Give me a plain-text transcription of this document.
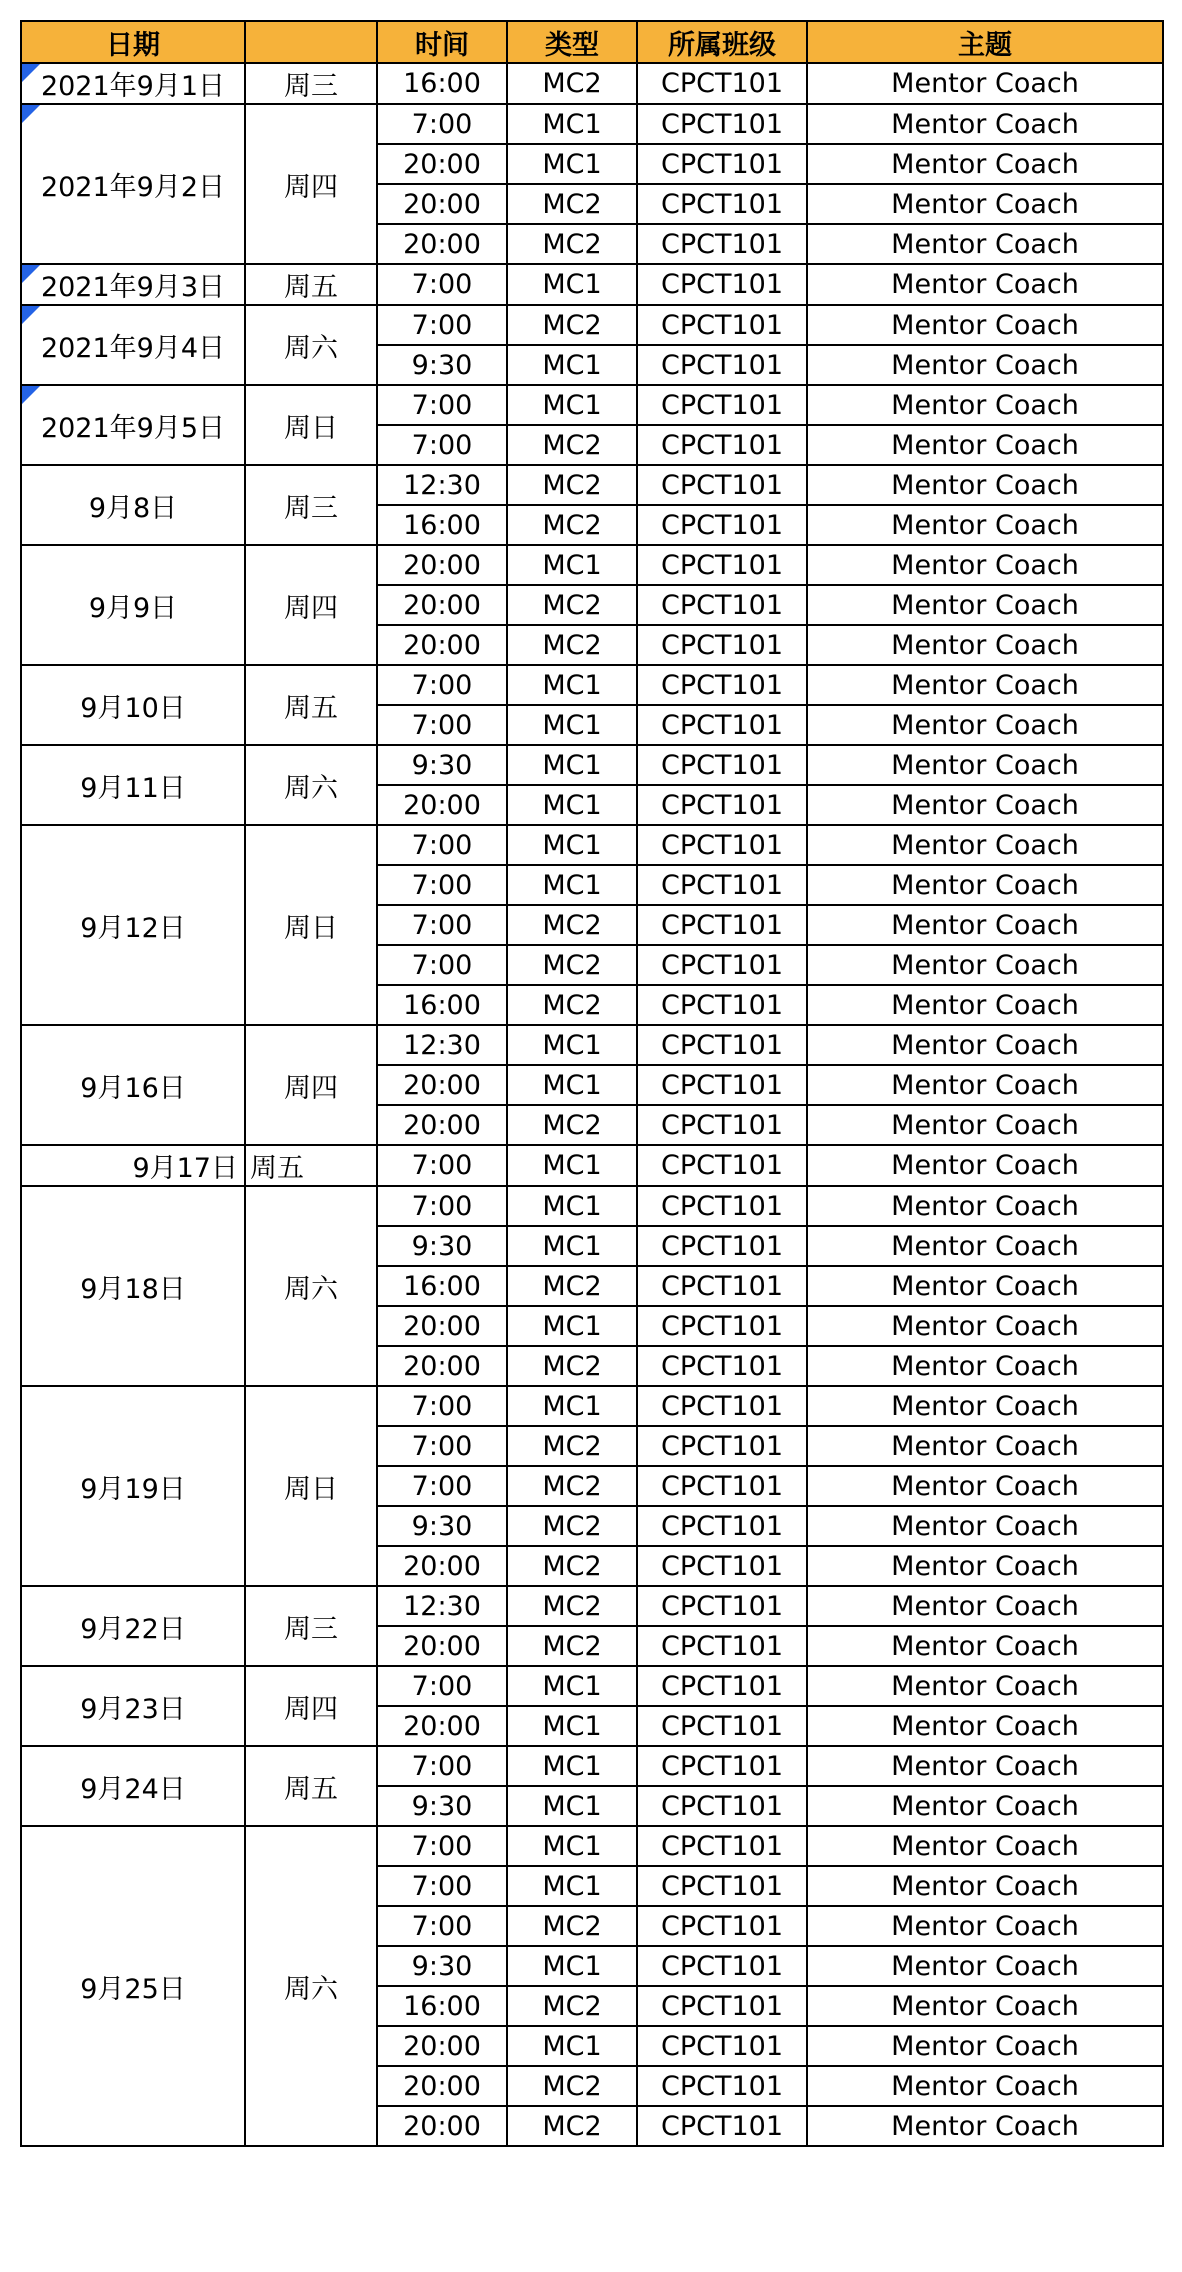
日期		时间	类型	所属班级	主题
2021年9月1日	周三	16:00	MC2	CPCT101	Mentor Coach
2021年9月2日	周四	7:00	MC1	CPCT101	Mentor Coach
		20:00	MC1	CPCT101	Mentor Coach
		20:00	MC2	CPCT101	Mentor Coach
		20:00	MC2	CPCT101	Mentor Coach
2021年9月3日	周五	7:00	MC1	CPCT101	Mentor Coach
2021年9月4日	周六	7:00	MC2	CPCT101	Mentor Coach
		9:30	MC1	CPCT101	Mentor Coach
2021年9月5日	周日	7:00	MC1	CPCT101	Mentor Coach
		7:00	MC2	CPCT101	Mentor Coach
9月8日	周三	12:30	MC2	CPCT101	Mentor Coach
		16:00	MC2	CPCT101	Mentor Coach
9月9日	周四	20:00	MC1	CPCT101	Mentor Coach
		20:00	MC2	CPCT101	Mentor Coach
		20:00	MC2	CPCT101	Mentor Coach
9月10日	周五	7:00	MC1	CPCT101	Mentor Coach
		7:00	MC1	CPCT101	Mentor Coach
9月11日	周六	9:30	MC1	CPCT101	Mentor Coach
		20:00	MC1	CPCT101	Mentor Coach
9月12日	周日	7:00	MC1	CPCT101	Mentor Coach
		7:00	MC1	CPCT101	Mentor Coach
		7:00	MC2	CPCT101	Mentor Coach
		7:00	MC2	CPCT101	Mentor Coach
		16:00	MC2	CPCT101	Mentor Coach
9月16日	周四	12:30	MC1	CPCT101	Mentor Coach
		20:00	MC1	CPCT101	Mentor Coach
		20:00	MC2	CPCT101	Mentor Coach
9月17日	周五	7:00	MC1	CPCT101	Mentor Coach
9月18日	周六	7:00	MC1	CPCT101	Mentor Coach
		9:30	MC1	CPCT101	Mentor Coach
		16:00	MC2	CPCT101	Mentor Coach
		20:00	MC1	CPCT101	Mentor Coach
		20:00	MC2	CPCT101	Mentor Coach
9月19日	周日	7:00	MC1	CPCT101	Mentor Coach
		7:00	MC2	CPCT101	Mentor Coach
		7:00	MC2	CPCT101	Mentor Coach
		9:30	MC2	CPCT101	Mentor Coach
		20:00	MC2	CPCT101	Mentor Coach
9月22日	周三	12:30	MC2	CPCT101	Mentor Coach
		20:00	MC2	CPCT101	Mentor Coach
9月23日	周四	7:00	MC1	CPCT101	Mentor Coach
		20:00	MC1	CPCT101	Mentor Coach
9月24日	周五	7:00	MC1	CPCT101	Mentor Coach
		9:30	MC1	CPCT101	Mentor Coach
9月25日	周六	7:00	MC1	CPCT101	Mentor Coach
		7:00	MC1	CPCT101	Mentor Coach
		7:00	MC2	CPCT101	Mentor Coach
		9:30	MC1	CPCT101	Mentor Coach
		16:00	MC2	CPCT101	Mentor Coach
		20:00	MC1	CPCT101	Mentor Coach
		20:00	MC2	CPCT101	Mentor Coach
		20:00	MC2	CPCT101	Mentor Coach
